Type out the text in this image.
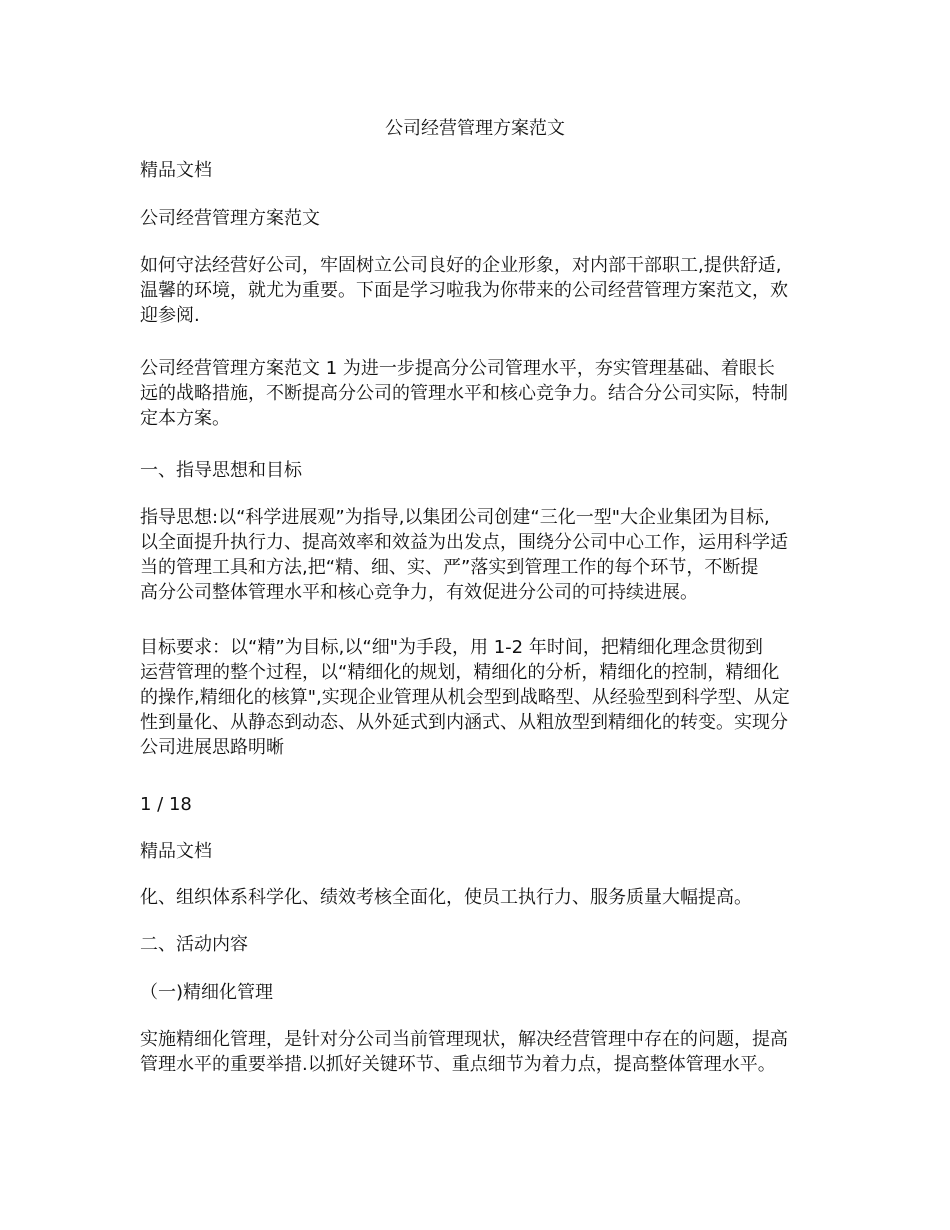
公司经营管理方案范文
精品文档
公司经营管理方案范文
如何守法经营好公司，牢固树立公司良好的企业形象，对内部干部职工,提供舒适,
温馨的环境，就尤为重要。下面是学习啦我为你带来的公司经营管理方案范文，欢
迎参阅.
公司经营管理方案范文 1 为进一步提高分公司管理水平，夯实管理基础、着眼长
远的战略措施，不断提高分公司的管理水平和核心竞争力。结合分公司实际，特制
定本方案。
一、指导思想和目标
指导思想:以“科学进展观”为指导,以集团公司创建“三化一型"大企业集团为目标,
以全面提升执行力、提高效率和效益为出发点，围绕分公司中心工作，运用科学适
当的管理工具和方法,把“精、细、实、严”落实到管理工作的每个环节，不断提
高分公司整体管理水平和核心竞争力，有效促进分公司的可持续进展。
目标要求：以“精”为目标,以“细"为手段，用 1-2 年时间，把精细化理念贯彻到
运营管理的整个过程，以“精细化的规划，精细化的分析，精细化的控制，精细化
的操作,精细化的核算",实现企业管理从机会型到战略型、从经验型到科学型、从定
性到量化、从静态到动态、从外延式到内涵式、从粗放型到精细化的转变。实现分
公司进展思路明晰
1 / 18
精品文档
化、组织体系科学化、绩效考核全面化，使员工执行力、服务质量大幅提高。
二、活动内容
（一)精细化管理
实施精细化管理，是针对分公司当前管理现状，解决经营管理中存在的问题，提高
管理水平的重要举措.以抓好关键环节、重点细节为着力点，提高整体管理水平。
